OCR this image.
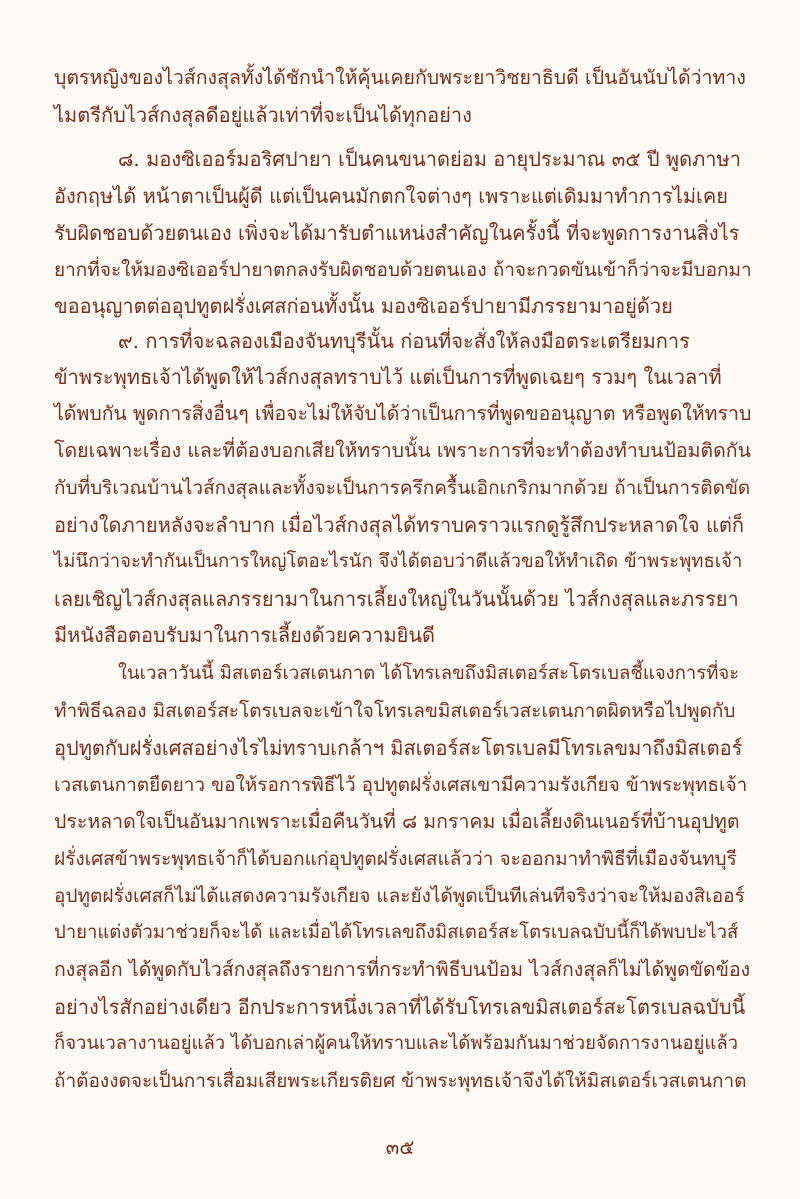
บุตรหญิงของไวส์กงสุลทั้งได้ชักนำให้คุ้นเคยกับพระยาวิชยาธิบดี เป็นอันนับได้ว่าทาง
ไมตรีกับไวส์กงสุลดีอยู่แล้วเท่าที่จะเป็นได้ทุกอย่าง
๘. มองซิเออร์มอริศปายา เป็นคนขนาดย่อม อายุประมาณ ๓๕ ปี พูดภาษา
อังกฤษได้ หน้าตาเป็นผู้ดี แต่เป็นคนมักตกใจต่างๆ เพราะแต่เดิมมาทำการไม่เคย
รับผิดชอบด้วยตนเอง เพิ่งจะได้มารับตำแหน่งสำคัญในครั้งนี้ ที่จะพูดการงานสิ่งไร
ยากที่จะให้มองซิเออร์ปายาตกลงรับผิดชอบด้วยตนเอง ถ้าจะกวดขันเข้าก็ว่าจะมีบอกมา
ขออนุญาตต่ออุปทูตฝรั่งเศสก่อนทั้งนั้น มองซิเออร์ปายามีภรรยามาอยู่ด้วย
๙. การที่จะฉลองเมืองจันทบุรีนั้น ก่อนที่จะสั่งให้ลงมือตระเตรียมการ
ข้าพระพุทธเจ้าได้พูดให้ไวส์กงสุลทราบไว้ แต่เป็นการที่พูดเฉยๆ รวมๆ ในเวลาที่
ได้พบกัน พูดการสิ่งอื่นๆ เพื่อจะไม่ให้จับได้ว่าเป็นการที่พูดขออนุญาต หรือพูดให้ทราบ
โดยเฉพาะเรื่อง และที่ต้องบอกเสียให้ทราบนั้น เพราะการที่จะทำต้องทำบนป้อมติดกัน
กับที่บริเวณบ้านไวส์กงสุลและทั้งจะเป็นการครึกครื้นเอิกเกริกมากด้วย ถ้าเป็นการติดขัด
อย่างใดภายหลังจะลำบาก เมื่อไวส์กงสุลได้ทราบคราวแรกดูรู้สึกประหลาดใจ แต่ก็
ไม่นึกว่าจะทำกันเป็นการใหญ่โตอะไรนัก จึงได้ตอบว่าดีแล้วขอให้ทำเถิด ข้าพระพุทธเจ้า
เลยเชิญไวส์กงสุลแลภรรยามาในการเลี้ยงใหญ่ในวันนั้นด้วย ไวส์กงสุลและภรรยา
มีหนังสือตอบรับมาในการเลี้ยงด้วยความยินดี
ในเวลาวันนี้ มิสเตอร์เวสเตนกาต ได้โทรเลขถึงมิสเตอร์สะโตรเบลชี้แจงการที่จะ
ทำพิธีฉลอง มิสเตอร์สะโตรเบลจะเข้าใจโทรเลขมิสเตอร์เวสะเตนกาตผิดหรือไปพูดกับ
อุปทูตกับฝรั่งเศสอย่างไรไม่ทราบเกล้าฯ มิสเตอร์สะโตรเบลมีโทรเลขมาถึงมิสเตอร์
เวสเตนกาตยืดยาว ขอให้รอการพิธีไว้ อุปทูตฝรั่งเศสเขามีความรังเกียจ ข้าพระพุทธเจ้า
ประหลาดใจเป็นอันมากเพราะเมื่อคืนวันที่ ๘ มกราคม เมื่อเลี้ยงดินเนอร์ที่บ้านอุปทูต
ฝรั่งเศสข้าพระพุทธเจ้าก็ได้บอกแก่อุปทูตฝรั่งเศสแล้วว่า จะออกมาทำพิธีที่เมืองจันทบุรี
อุปทูตฝรั่งเศสก็ไม่ได้แสดงความรังเกียจ และยังได้พูดเป็นทีเล่นทีจริงว่าจะให้มองสิเออร์
ปายาแต่งตัวมาช่วยก็จะได้ และเมื่อได้โทรเลขถึงมิสเตอร์สะโตรเบลฉบับนี้ก็ได้พบปะไวส์
กงสุลอีก ได้พูดกับไวส์กงสุลถึงรายการที่กระทำพิธีบนป้อม ไวส์กงสุลก็ไม่ได้พูดขัดข้อง
อย่างไรสักอย่างเดียว อีกประการหนึ่งเวลาที่ได้รับโทรเลขมิสเตอร์สะโตรเบลฉบับนี้
ก็จวนเวลางานอยู่แล้ว ได้บอกเล่าผู้คนให้ทราบและได้พร้อมกันมาช่วยจัดการงานอยู่แล้ว
ถ้าต้องงดจะเป็นการเสื่อมเสียพระเกียรติยศ ข้าพระพุทธเจ้าจึงได้ให้มิสเตอร์เวสเตนกาต
๓๕
